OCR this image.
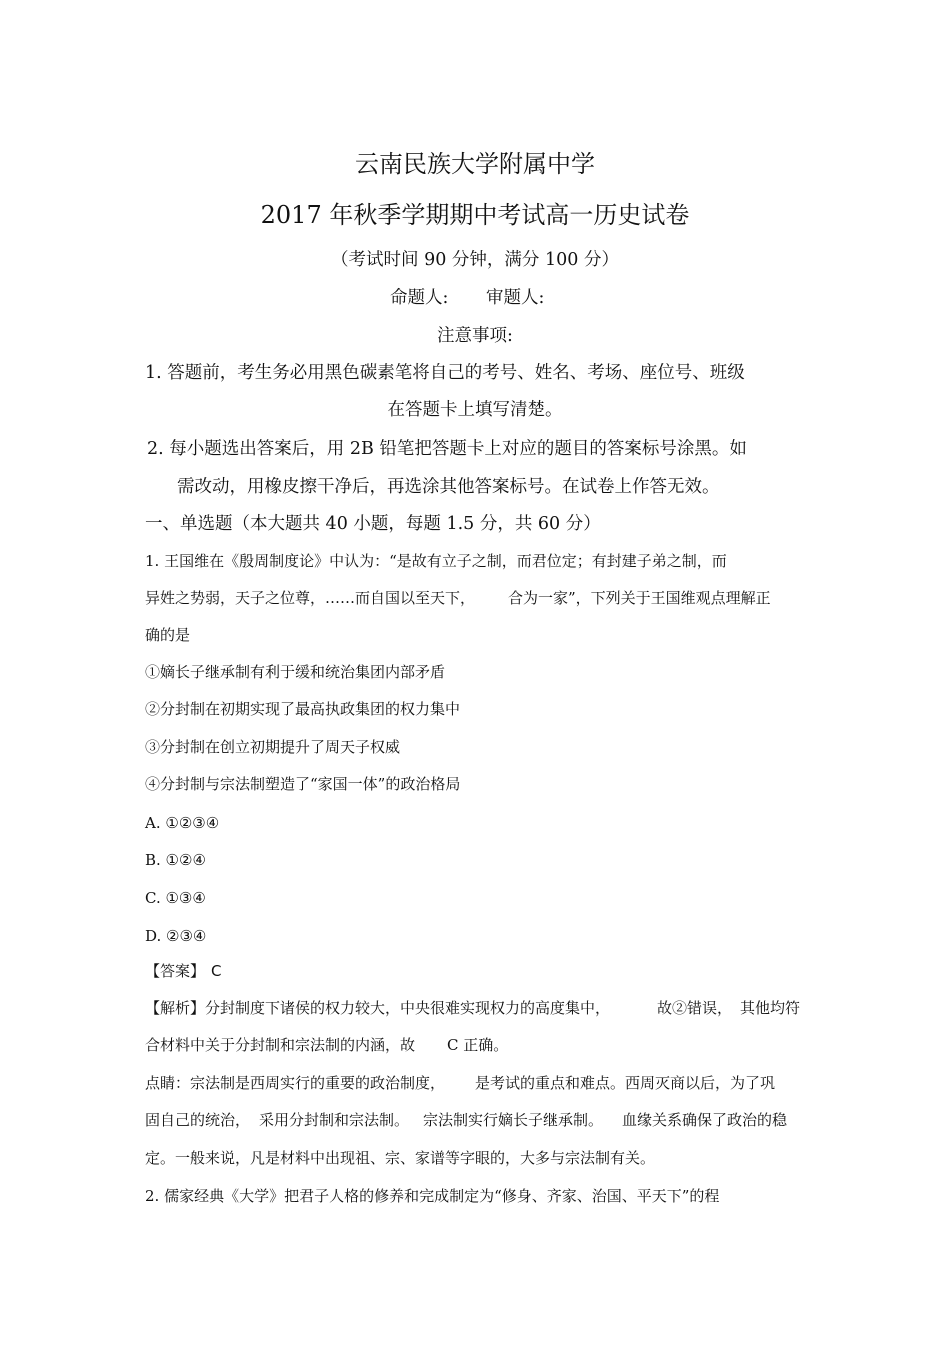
云南民族大学附属中学
2017 年秋季学期期中考试高一历史试卷
（考试时间 90 分钟，满分 100 分）
命题人: 审题人:
注意事项:
1. 答题前，考生务必用黑色碳素笔将自己的考号、姓名、考场、座位号、班级
在答题卡上填写清楚。
2. 每小题选出答案后，用 2B 铅笔把答题卡上对应的题目的答案标号涂黑。如
需改动，用橡皮擦干净后，再选涂其他答案标号。在试卷上作答无效。
一、单选题（本大题共 40 小题，每题 1.5 分，共 60 分）
1. 王国维在《殷周制度论》中认为：“是故有立子之制，而君位定；有封建子弟之制，而
异姓之势弱，天子之位尊，……而自国以至天下， 合为一家”，下列关于王国维观点理解正
确的是
①嫡长子继承制有利于缓和统治集团内部矛盾
②分封制在初期实现了最高执政集团的权力集中
③分封制在创立初期提升了周天子权威
④分封制与宗法制塑造了“家国一体”的政治格局
A. ①②③④
B. ①②④
C. ①③④
D. ②③④
【答案】 C
【解析】分封制度下诸侯的权力较大，中央很难实现权力的高度集中，	故②错误， 其他均符
合材料中关于分封制和宗法制的内涵，故 C 正确。
点睛：宗法制是西周实行的重要的政治制度， 是考试的重点和难点。西周灭商以后，为了巩
固自己的统治， 采用分封制和宗法制。 宗法制实行嫡长子继承制。 血缘关系确保了政治的稳
定。一般来说，凡是材料中出现祖、宗、家谱等字眼的，大多与宗法制有关。
2. 儒家经典《大学》把君子人格的修养和完成制定为“修身、齐家、治国、平天下”的程
